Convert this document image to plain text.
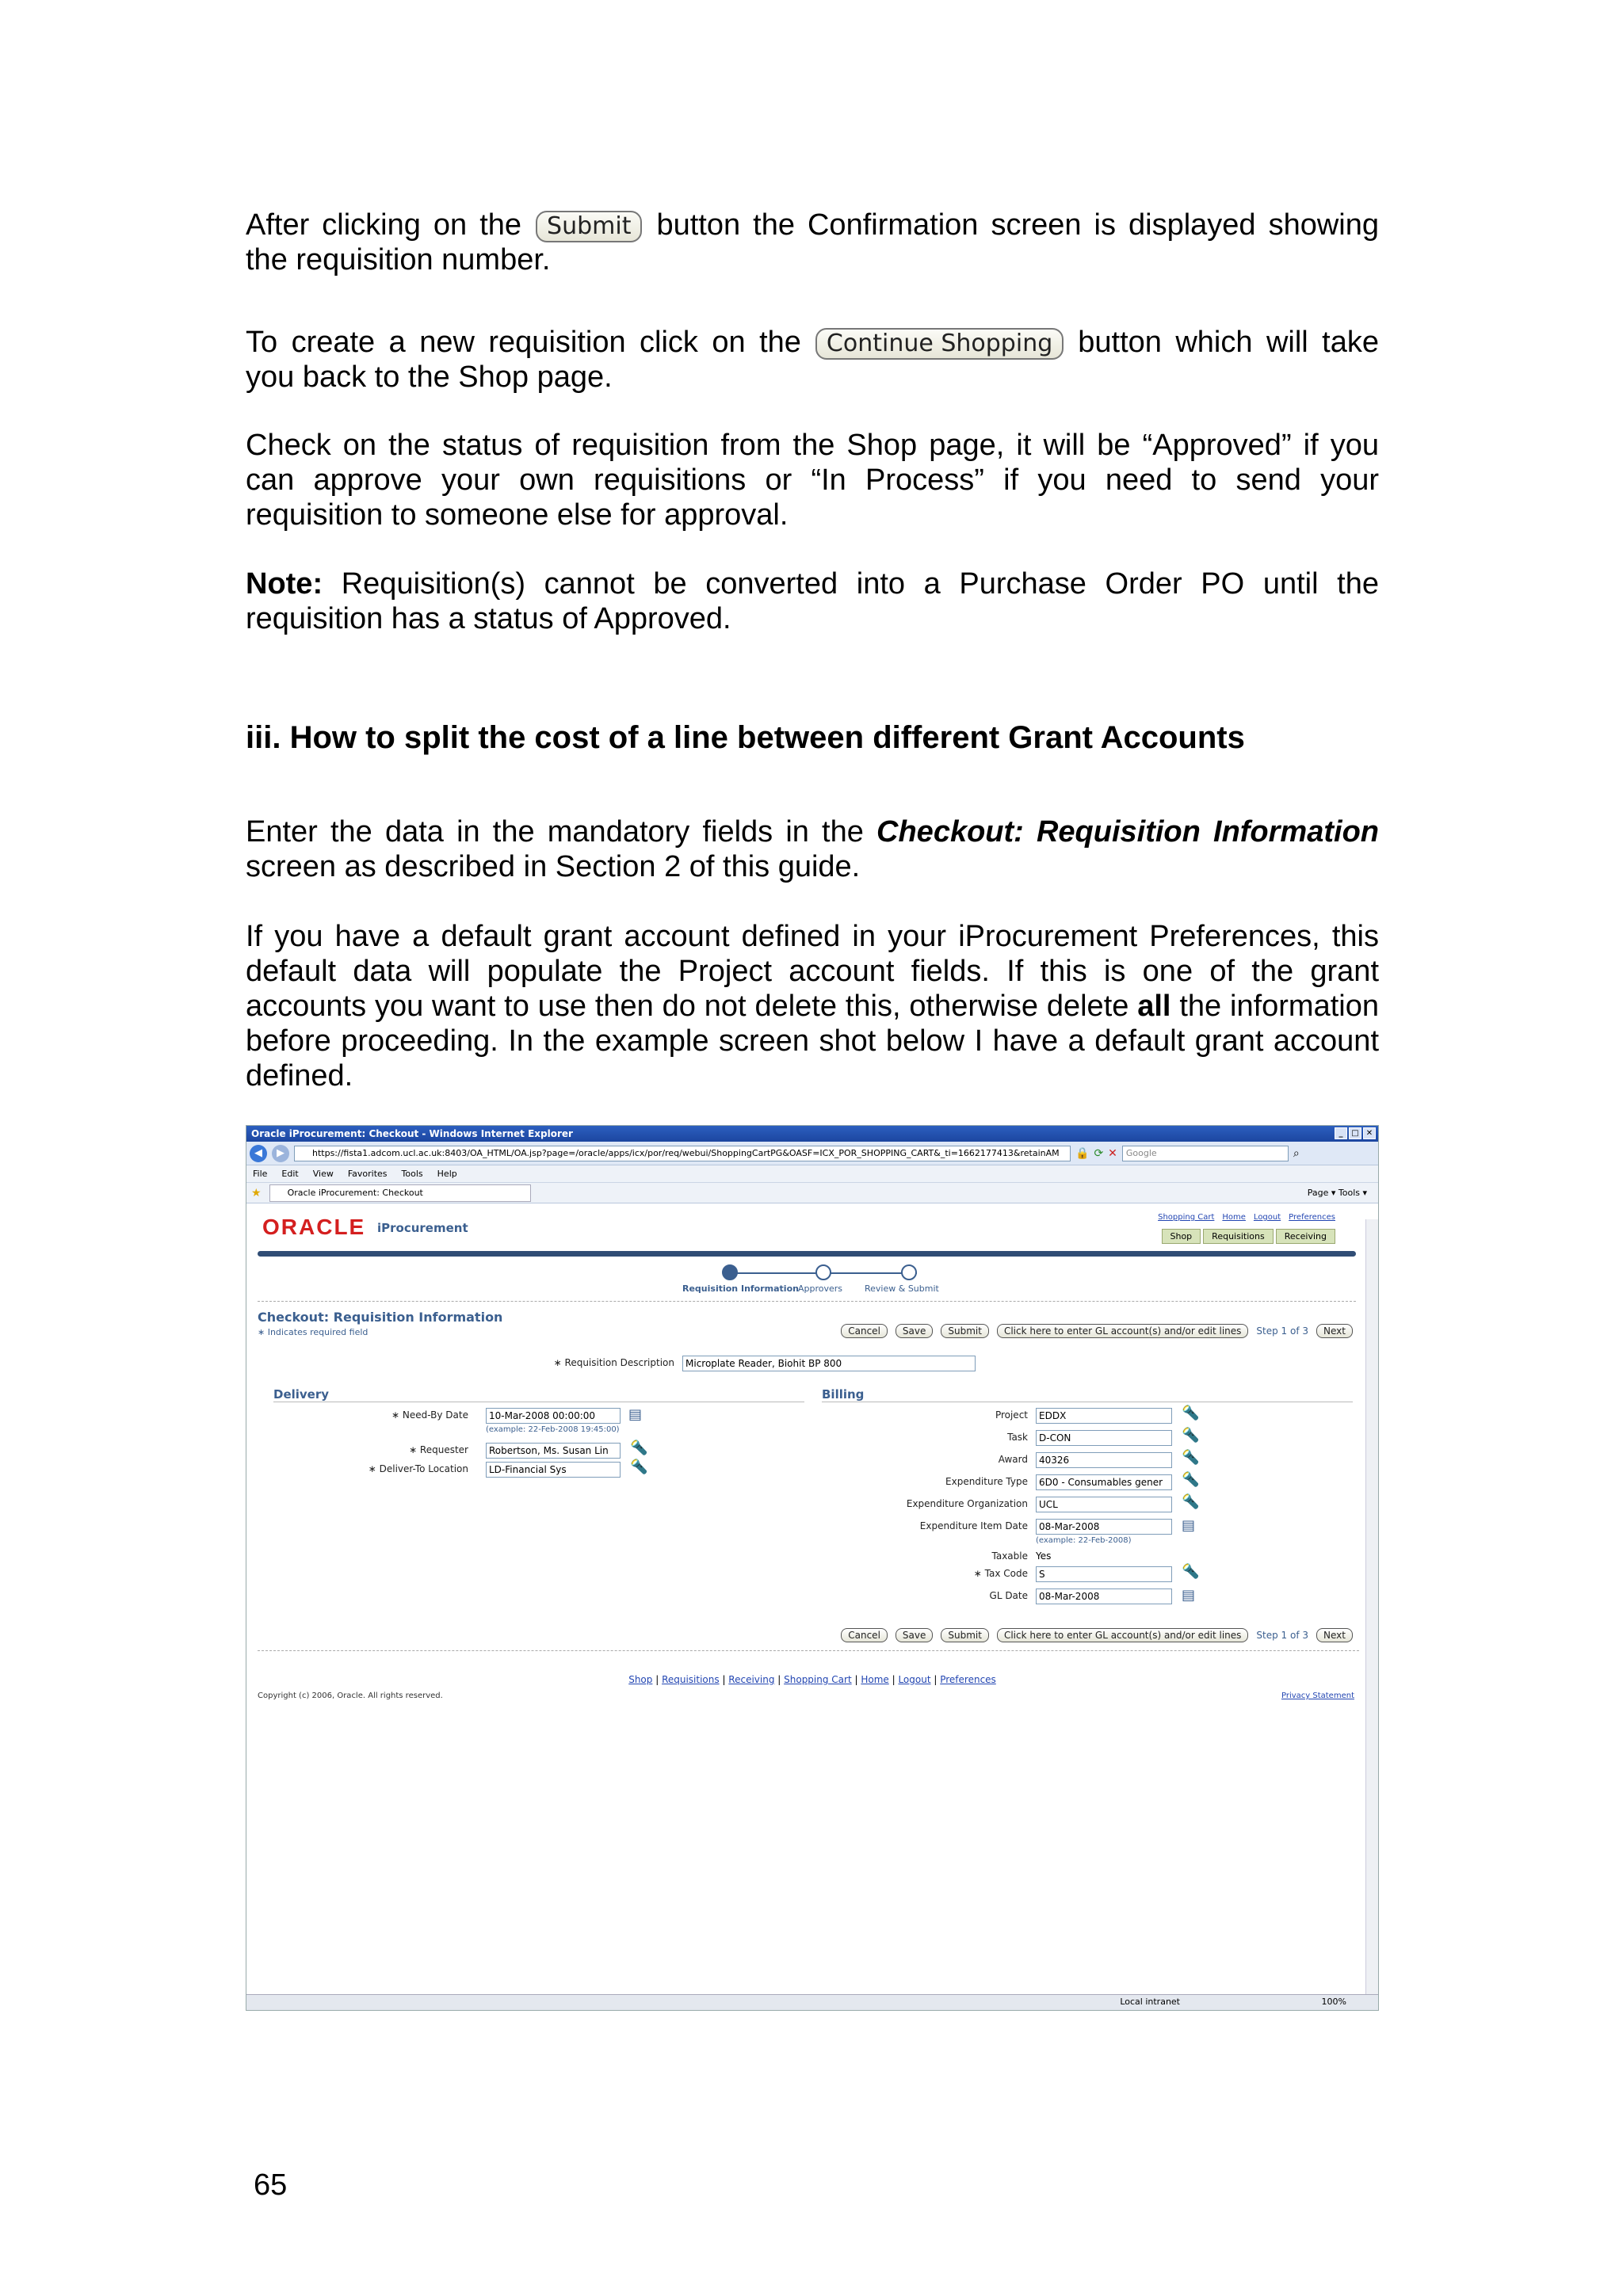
After clicking on the Submit button the Confirmation screen is displayed showing the requisition number.
To create a new requisition click on the Continue Shopping button which will take you back to the Shop page.
Check on the status of requisition from the Shop page, it will be “Approved” if you can approve your own requisitions or “In Process” if you need to send your requisition to someone else for approval.
Note: Requisition(s) cannot be converted into a Purchase Order PO until the requisition has a status of Approved.
iii. How to split the cost of a line between different Grant Accounts
Enter the data in the mandatory fields in the Checkout: Requisition Information screen as described in Section 2 of this guide.
If you have a default grant account defined in your iProcurement Preferences, this default data will populate the Project account fields. If this is one of the grant accounts you want to use then do not delete this, otherwise delete all the information before proceeding. In the example screen shot below I have a default grant account defined.
Oracle iProcurement: Checkout - Windows Internet Explorer	_	□ ✕
◀	▶	https://fista1.adcom.ucl.ac.uk:8403/OA_HTML/OA.jsp?page=/oracle/apps/icx/por/req/webui/ShoppingCartPG&OASF=ICX_POR_SHOPPING_CART&_ti=1662177413&retainAM	🔒 ⟳ ✕	Google	⌕
File Edit View Favorites Tools Help
★	Oracle iProcurement: Checkout	Page ▾ Tools ▾
ORACLE iProcurement
Shopping Cart Home Logout Preferences
Shop	Requisitions	Receiving
Requisition Information Approvers	Review & Submit
Checkout: Requisition Information
∗ Indicates required field	Cancel	Save	Submit	Click here to enter GL account(s) and/or edit lines	Step 1 of 3	Next
∗ Requisition Description	Microplate Reader, Biohit BP 800
Delivery	Billing
∗ Need-By Date	10-Mar-2008 00:00:00	▤
(example: 22-Feb-2008 19:45:00)
∗ Requester	Robertson, Ms. Susan Lin	🔦
∗ Deliver-To Location	LD-Financial Sys	🔦
Project	EDDX	🔦
Task	D-CON	🔦
Award	40326	🔦
Expenditure Type	6D0 - Consumables gener	🔦
Expenditure Organization	UCL	🔦
Expenditure Item Date	08-Mar-2008	▤
(example: 22-Feb-2008)
Taxable Yes
∗ Tax Code	S	🔦
GL Date	08-Mar-2008	▤
Cancel	Save	Submit	Click here to enter GL account(s) and/or edit lines	Step 1 of 3	Next
Shop | Requisitions | Receiving | Shopping Cart | Home | Logout | Preferences
Copyright (c) 2006, Oracle. All rights reserved.	Privacy Statement
Local intranet	100%
65
